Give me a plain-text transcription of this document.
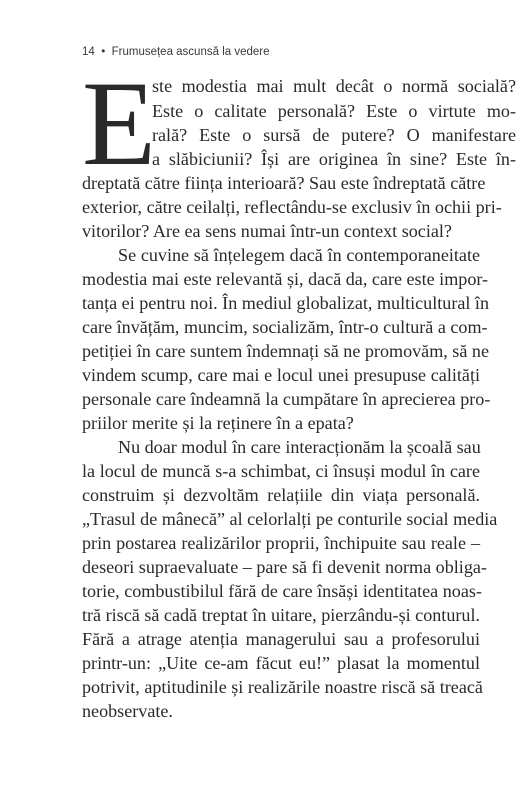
14 • Frumusețea ascunsă la vedere
E

ste modestia mai mult decât o normă socială?

Este o calitate personală? Este o virtute mo-

rală? Este o sursă de putere? O manifestare

a slăbiciunii? Își are originea în sine? Este în-

dreptată către ființa interioară? Sau este îndreptată către

exterior, către ceilalți, reflectându-se exclusiv în ochii pri-

vitorilor? Are ea sens numai într-un context social?

Se cuvine să înțelegem dacă în contemporaneitate

modestia mai este relevantă și, dacă da, care este impor-

tanța ei pentru noi. În mediul globalizat, multicultural în

care învățăm, muncim, socializăm, într-o cultură a com-

petiției în care suntem îndemnați să ne promovăm, să ne

vindem scump, care mai e locul unei presupuse calități

personale care îndeamnă la cumpătare în aprecierea pro-

priilor merite și la reținere în a epata?

Nu doar modul în care interacționăm la școală sau

la locul de muncă s-a schimbat, ci însuși modul în care

construim și dezvoltăm relațiile din viața personală.

„Trasul de mânecă” al celorlalți pe conturile social media

prin postarea realizărilor proprii, închipuite sau reale –

deseori supraevaluate – pare să fi devenit norma obliga-

torie, combustibilul fără de care însăși identitatea noas-

tră riscă să cadă treptat în uitare, pierzându-și conturul.

Fără a atrage atenția managerului sau a profesorului

printr-un: „Uite ce-am făcut eu!” plasat la momentul

potrivit, aptitudinile și realizările noastre riscă să treacă

neobservate.
